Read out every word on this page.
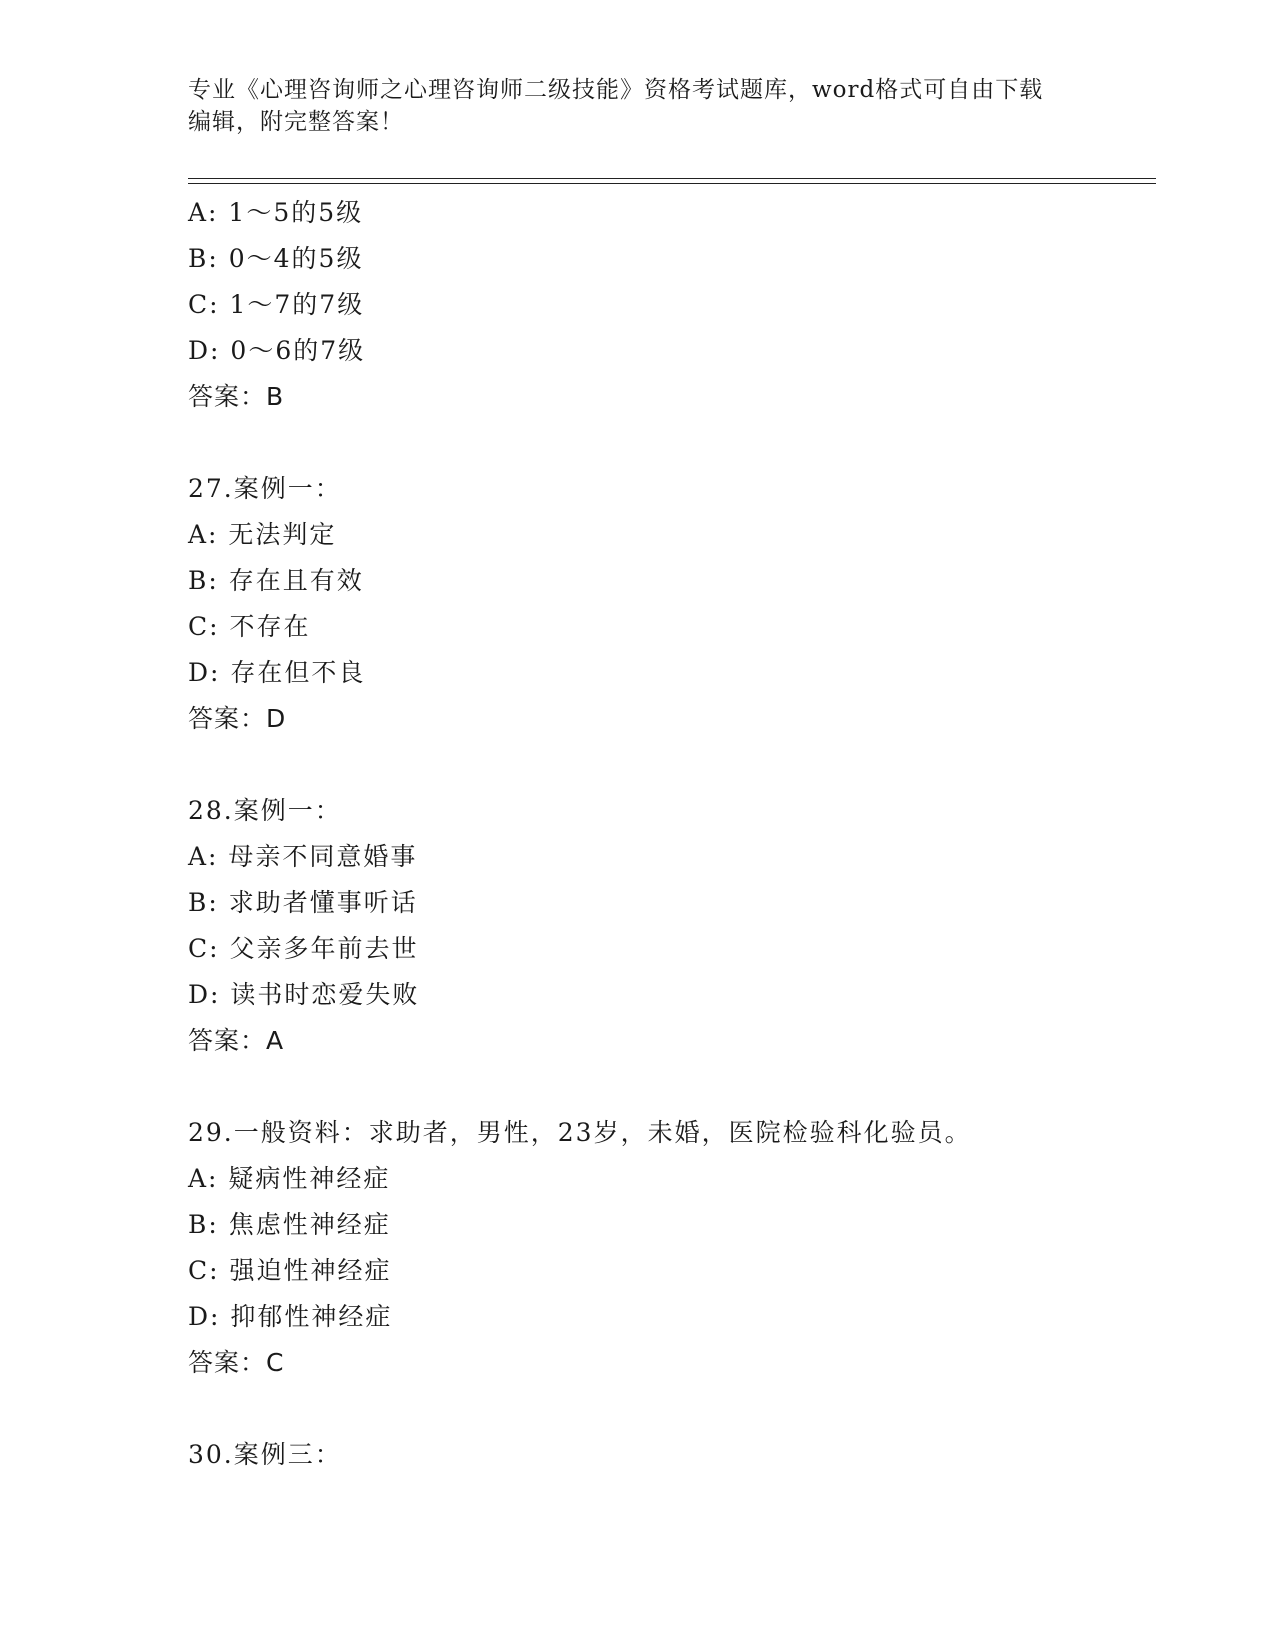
专业《心理咨询师之心理咨询师二级技能》资格考试题库，word格式可自由下载
编辑，附完整答案！
A: 1～5的5级
B: 0～4的5级
C: 1～7的7级
D: 0～6的7级
答案：B
27.案例一：
A: 无法判定
B: 存在且有效
C: 不存在
D: 存在但不良
答案：D
28.案例一：
A: 母亲不同意婚事
B: 求助者懂事听话
C: 父亲多年前去世
D: 读书时恋爱失败
答案：A
29.一般资料：求助者，男性，23岁，未婚，医院检验科化验员。
A: 疑病性神经症
B: 焦虑性神经症
C: 强迫性神经症
D: 抑郁性神经症
答案：C
30.案例三：
